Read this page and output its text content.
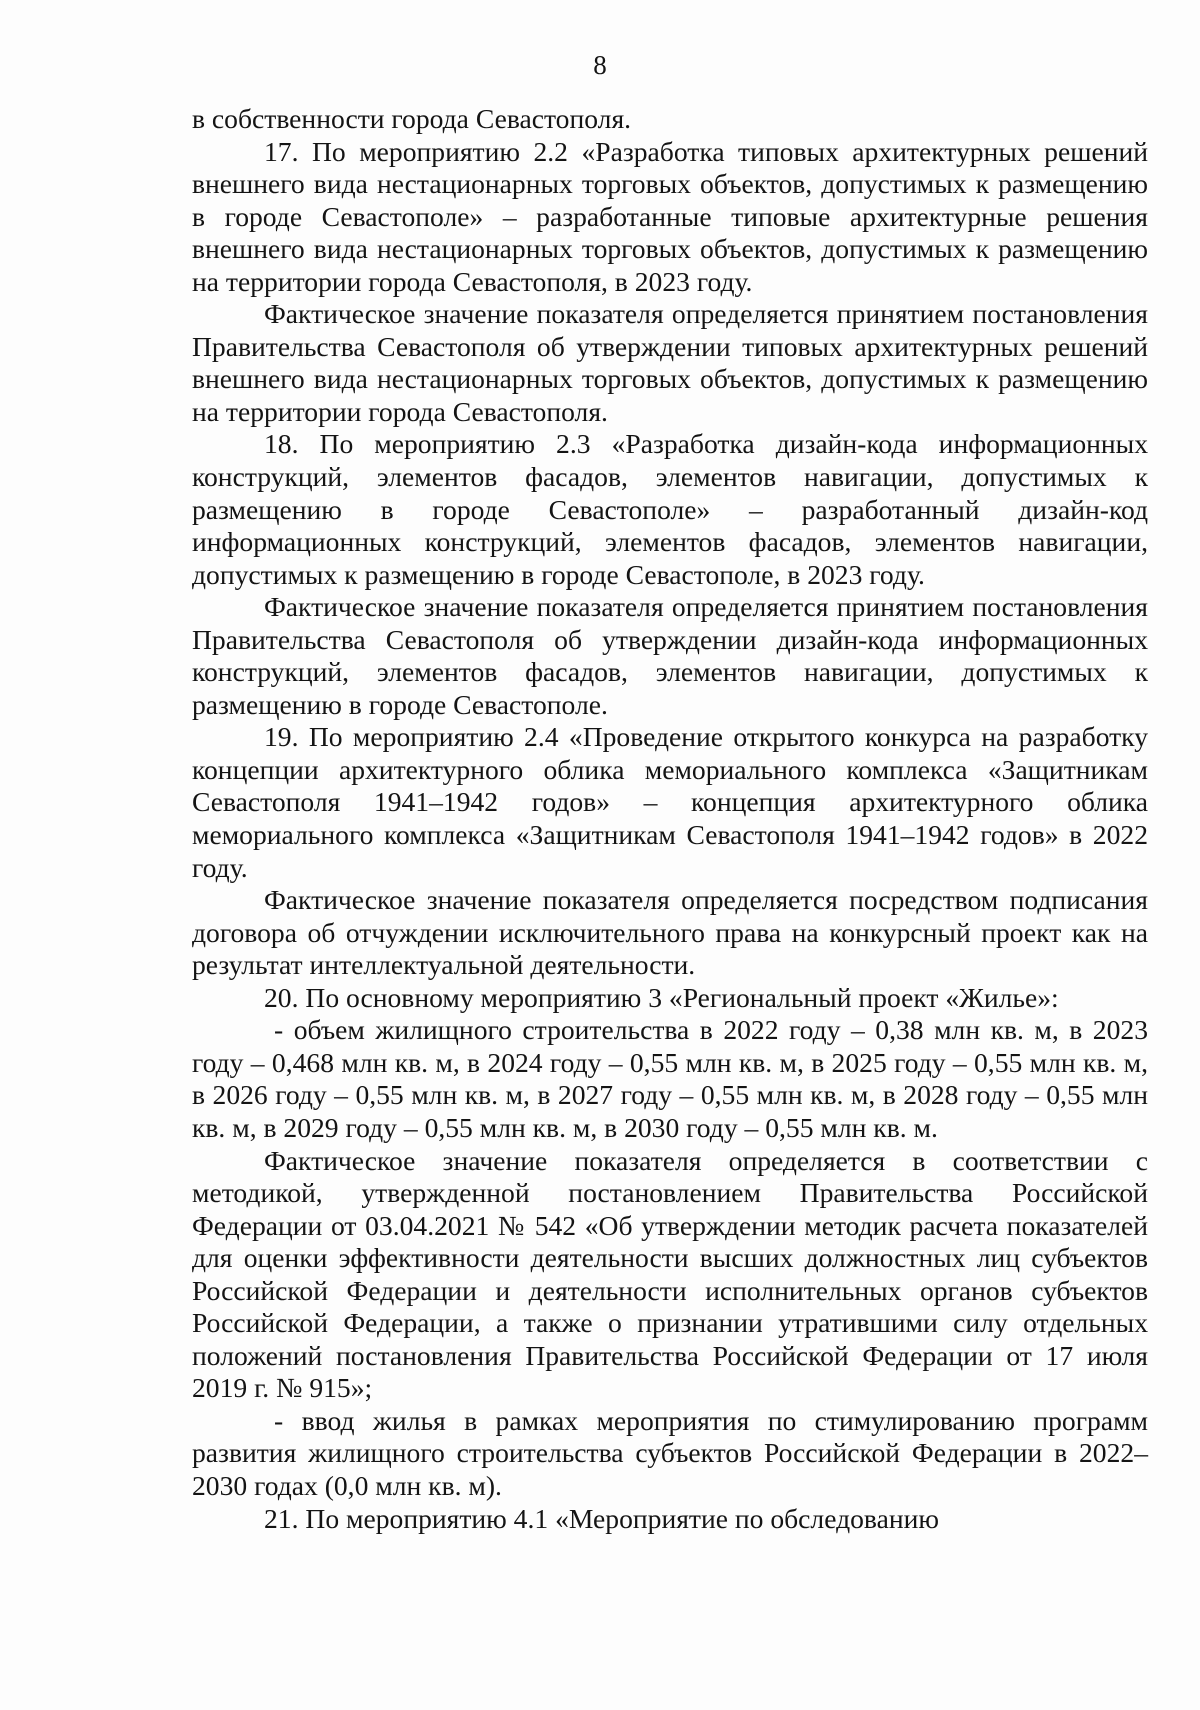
8

в собственности города Севастополя.

17. По мероприятию 2.2 «Разработка типовых архитектурных решений внешнего вида нестационарных торговых объектов, допустимых к размещению в городе Севастополе» – разработанные типовые архитектурные решения внешнего вида нестационарных торговых объектов, допустимых к размещению на территории города Севастополя, в 2023 году.

Фактическое значение показателя определяется принятием постановления Правительства Севастополя об утверждении типовых архитектурных решений внешнего вида нестационарных торговых объектов, допустимых к размещению на территории города Севастополя.

18. По мероприятию 2.3 «Разработка дизайн-кода информационных конструкций, элементов фасадов, элементов навигации, допустимых к размещению в городе Севастополе» – разработанный дизайн-код информационных конструкций, элементов фасадов, элементов навигации, допустимых к размещению в городе Севастополе, в 2023 году.

Фактическое значение показателя определяется принятием постановления Правительства Севастополя об утверждении дизайн-кода информационных конструкций, элементов фасадов, элементов навигации, допустимых к размещению в городе Севастополе.

19. По мероприятию 2.4 «Проведение открытого конкурса на разработку концепции архитектурного облика мемориального комплекса «Защитникам Севастополя 1941–1942 годов» – концепция архитектурного облика мемориального комплекса «Защитникам Севастополя 1941–1942 годов» в 2022 году.

Фактическое значение показателя определяется посредством подписания договора об отчуждении исключительного права на конкурсный проект как на результат интеллектуальной деятельности.

20. По основному мероприятию 3 «Региональный проект «Жилье»:

- объем жилищного строительства в 2022 году – 0,38 млн кв. м, в 2023 году – 0,468 млн кв. м, в 2024 году – 0,55 млн кв. м, в 2025 году – 0,55 млн кв. м, в 2026 году – 0,55 млн кв. м, в 2027 году – 0,55 млн кв. м, в 2028 году – 0,55 млн кв. м, в 2029 году – 0,55 млн кв. м, в 2030 году – 0,55 млн кв. м.

Фактическое значение показателя определяется в соответствии с методикой, утвержденной постановлением Правительства Российской Федерации от 03.04.2021 № 542 «Об утверждении методик расчета показателей для оценки эффективности деятельности высших должностных лиц субъектов Российской Федерации и деятельности исполнительных органов субъектов Российской Федерации, а также о признании утратившими силу отдельных положений постановления Правительства Российской Федерации от 17 июля 2019 г. № 915»;

- ввод жилья в рамках мероприятия по стимулированию программ развития жилищного строительства субъектов Российской Федерации в 2022–2030 годах (0,0 млн кв. м).

21. По мероприятию 4.1 «Мероприятие по обследованию
